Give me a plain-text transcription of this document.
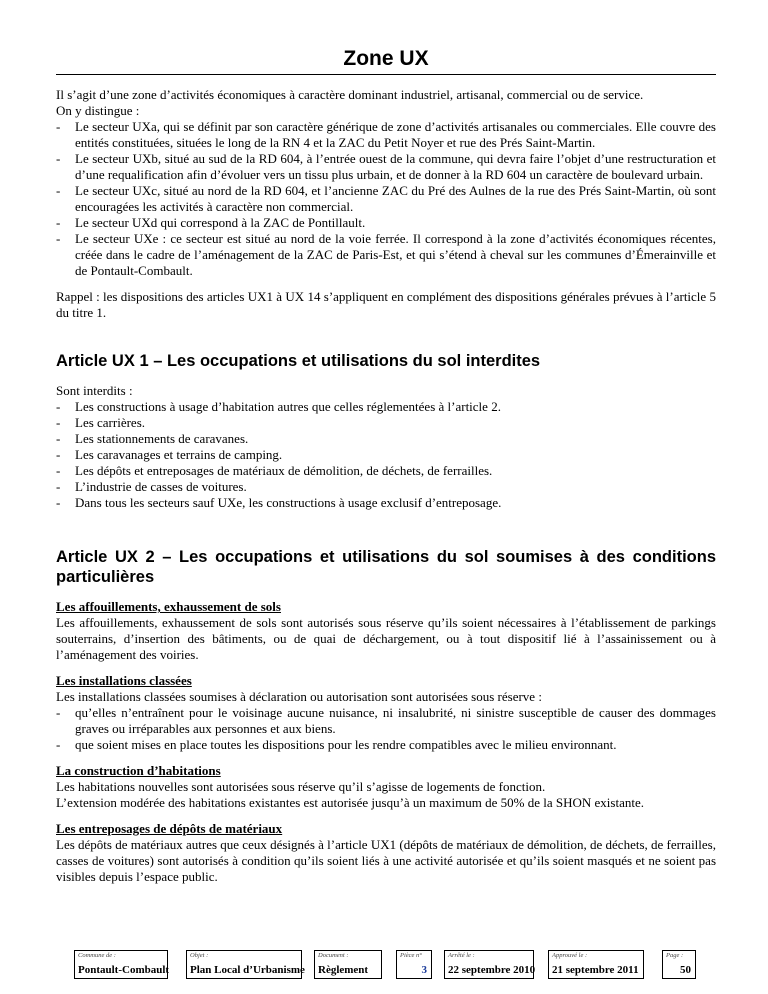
Zone UX

Il s’agit d’une zone d’activités économiques à caractère dominant industriel, artisanal, commercial ou de service.

On y distingue :

- Le secteur UXa, qui se définit par son caractère générique de zone d’activités artisanales ou commerciales. Elle couvre des entités constituées, situées le long de la RN 4 et la ZAC du Petit Noyer et rue des Prés Saint-Martin.
- Le secteur UXb, situé au sud de la RD 604, à l’entrée ouest de la commune, qui devra faire l’objet d’une restructuration et d’une requalification afin d’évoluer vers un tissu plus urbain, et de donner à la RD 604 un caractère de boulevard urbain.
- Le secteur UXc, situé au nord de la RD 604, et l’ancienne ZAC du Pré des Aulnes de la rue des Prés Saint-Martin, où sont encouragées les activités à caractère non commercial.
- Le secteur UXd qui correspond à la ZAC de Pontillault.
- Le secteur UXe : ce secteur est situé au nord de la voie ferrée. Il correspond à la zone d’activités économiques récentes, créée dans le cadre de l’aménagement de la ZAC de Paris-Est, et qui s’étend à cheval sur les communes d’Émerainville et de Pontault-Combault.

Rappel : les dispositions des articles UX1 à UX 14 s’appliquent en complément des dispositions générales prévues à l’article 5 du titre 1.

Article UX 1 – Les occupations et utilisations du sol interdites

Sont interdits :

- Les constructions à usage d’habitation autres que celles réglementées à l’article 2.
- Les carrières.
- Les stationnements de caravanes.
- Les caravanages et terrains de camping.
- Les dépôts et entreposages de matériaux de démolition, de déchets, de ferrailles.
- L’industrie de casses de voitures.
- Dans tous les secteurs sauf UXe, les constructions à usage exclusif d’entreposage.
Article UX 2 – Les occupations et utilisations du sol soumises à des conditions particulières

Les affouillements, exhaussement de sols

Les affouillements, exhaussement de sols sont autorisés sous réserve qu’ils soient nécessaires à l’établissement de parkings souterrains, d’insertion des bâtiments, ou de quai de déchargement, ou à tout dispositif lié à l’assainissement ou à l’aménagement des voiries.

Les installations classées

Les installations classées soumises à déclaration ou autorisation sont autorisées sous réserve :

- qu’elles n’entraînent pour le voisinage aucune nuisance, ni insalubrité, ni sinistre susceptible de causer des dommages graves ou irréparables aux personnes et aux biens.
- que soient mises en place toutes les dispositions pour les rendre compatibles avec le milieu environnant.

La construction d’habitations

Les habitations nouvelles sont autorisées sous réserve qu’il s’agisse de logements de fonction.

L’extension modérée des habitations existantes est autorisée jusqu’à un maximum de 50% de la SHON existante.

Les entreposages de dépôts de matériaux

Les dépôts de matériaux autres que ceux désignés à l’article UX1 (dépôts de matériaux de démolition, de déchets, de ferrailles, casses de voitures) sont autorisés à condition qu’ils soient liés à une activité autorisée et qu’ils soient masqués et ne soient pas visibles depuis l’espace public.

Commune de :
Pontault-Combault
Objet :
Plan Local d’Urbanisme
Document :
Règlement
Pièce n°
3
Arrêté le :
22 septembre 2010
Approuvé le :
21 septembre 2011
Page :
50
